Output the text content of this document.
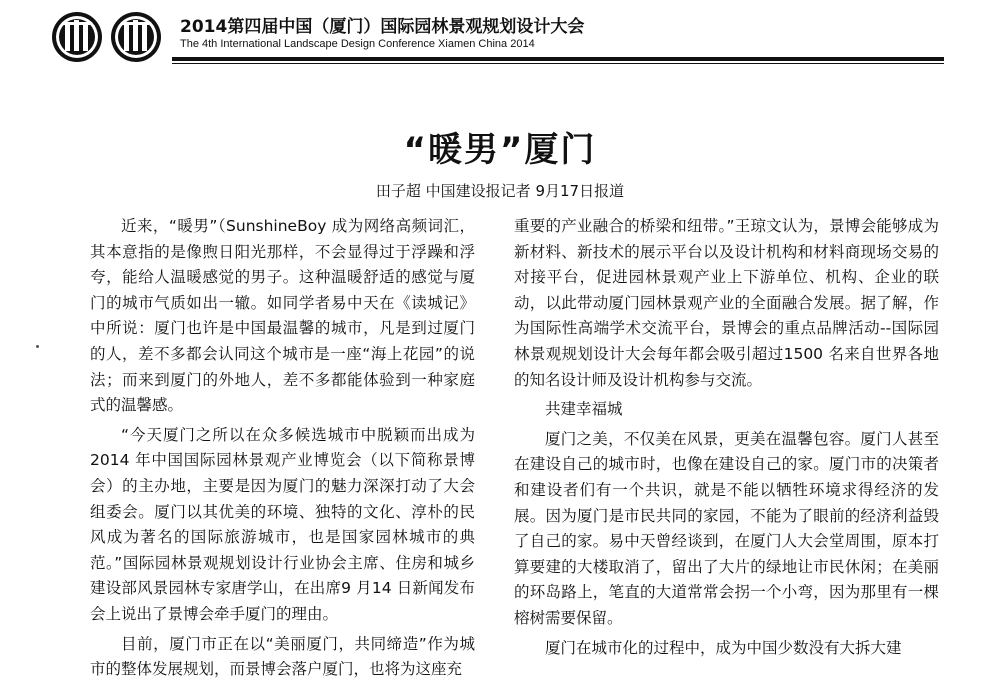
2014第四届中国（厦门）国际园林景观规划设计大会
The 4th International Landscape Design Conference Xiamen China 2014
“暖男”厦门
田子超 中国建设报记者 9月17日报道

近来，“暖男”（SunshineBoy 成为网络高频词汇，其本意指的是像煦日阳光那样，不会显得过于浮躁和浮夸，能给人温暖感觉的男子。这种温暖舒适的感觉与厦门的城市气质如出一辙。如同学者易中天在《读城记》中所说：厦门也许是中国最温馨的城市，凡是到过厦门的人，差不多都会认同这个城市是一座“海上花园”的说法；而来到厦门的外地人，差不多都能体验到一种家庭式的温馨感。

“今天厦门之所以在众多候选城市中脱颖而出成为 2014 年中国国际园林景观产业博览会（以下简称景博会）的主办地，主要是因为厦门的魅力深深打动了大会组委会。厦门以其优美的环境、独特的文化、淳朴的民风成为著名的国际旅游城市，也是国家园林城市的典范。”国际园林景观规划设计行业协会主席、住房和城乡建设部风景园林专家唐学山，在出席9 月14 日新闻发布会上说出了景博会牵手厦门的理由。

目前，厦门市正在以“美丽厦门，共同缔造”作为城市的整体发展规划，而景博会落户厦门，也将为这座充

重要的产业融合的桥梁和纽带。”王琼文认为，景博会能够成为新材料、新技术的展示平台以及设计机构和材料商现场交易的对接平台，促进园林景观产业上下游单位、机构、企业的联动，以此带动厦门园林景观产业的全面融合发展。据了解，作为国际性高端学术交流平台，景博会的重点品牌活动--国际园林景观规划设计大会每年都会吸引超过1500 名来自世界各地的知名设计师及设计机构参与交流。

共建幸福城

厦门之美，不仅美在风景，更美在温馨包容。厦门人甚至在建设自己的城市时，也像在建设自己的家。厦门市的决策者和建设者们有一个共识，就是不能以牺牲环境求得经济的发展。因为厦门是市民共同的家园，不能为了眼前的经济利益毁了自己的家。易中天曾经谈到，在厦门人大会堂周围，原本打算要建的大楼取消了，留出了大片的绿地让市民休闲；在美丽的环岛路上，笔直的大道常常会拐一个小弯，因为那里有一棵榕树需要保留。

厦门在城市化的过程中，成为中国少数没有大拆大建
